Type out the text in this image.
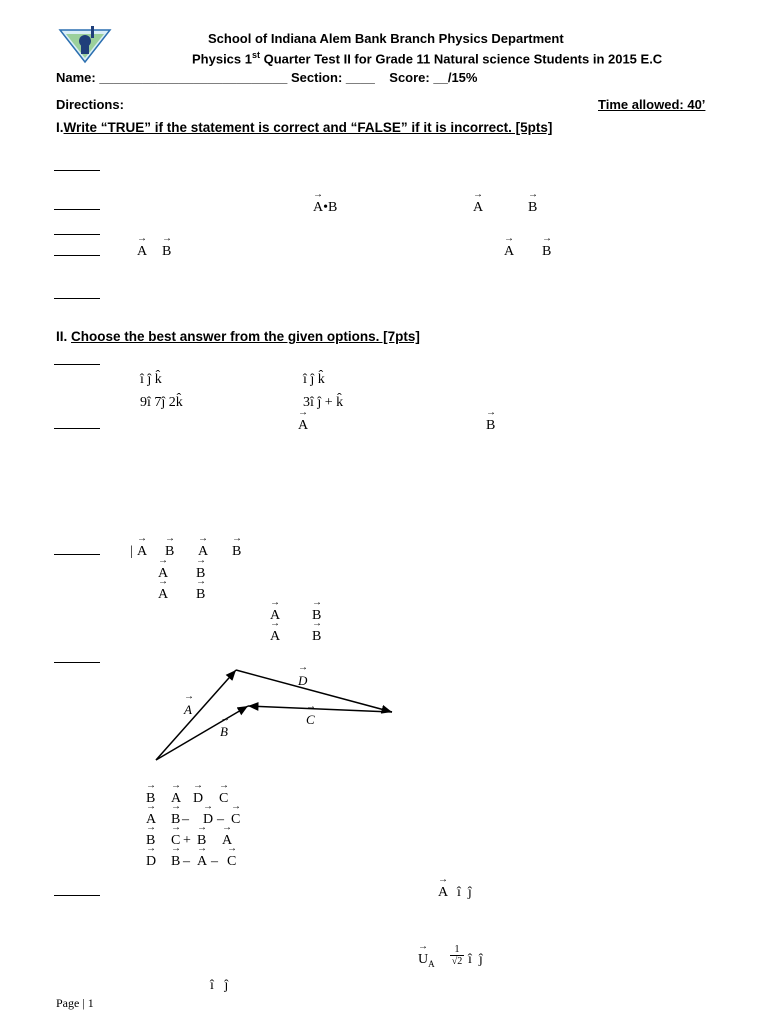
School of Indiana Alem Bank Branch Physics Department
Physics 1st Quarter Test II for Grade 11 Natural science Students in 2015 E.C
Name: __________________________ Section: ____ Score: __/15%
Directions:	Time allowed: 40’
I.Write “TRUE” if the statement is correct and “FALSE” if it is incorrect. [5pts]
→ A•B	→ A	→ B
→ A → B	→ A → B
II. Choose the best answer from the given options. [7pts]
î ĵ k̂	î ĵ k̂
9î 7ĵ 2k̂	3î ĵ + k̂
→ A	→ B
| → A → B → A → B
→ A → B
→ A → B
→ A → B
→ A → B
→ A
→ B
→ C
→ D
→ B → A → D → C
→ A → B – → D – → C
→ B → C + → B → A
→ D → B – → A – → C
→ A î  ĵ
→ $U_A \frac{1}{√2}$ î  ĵ
î   ĵ
Page | 1
